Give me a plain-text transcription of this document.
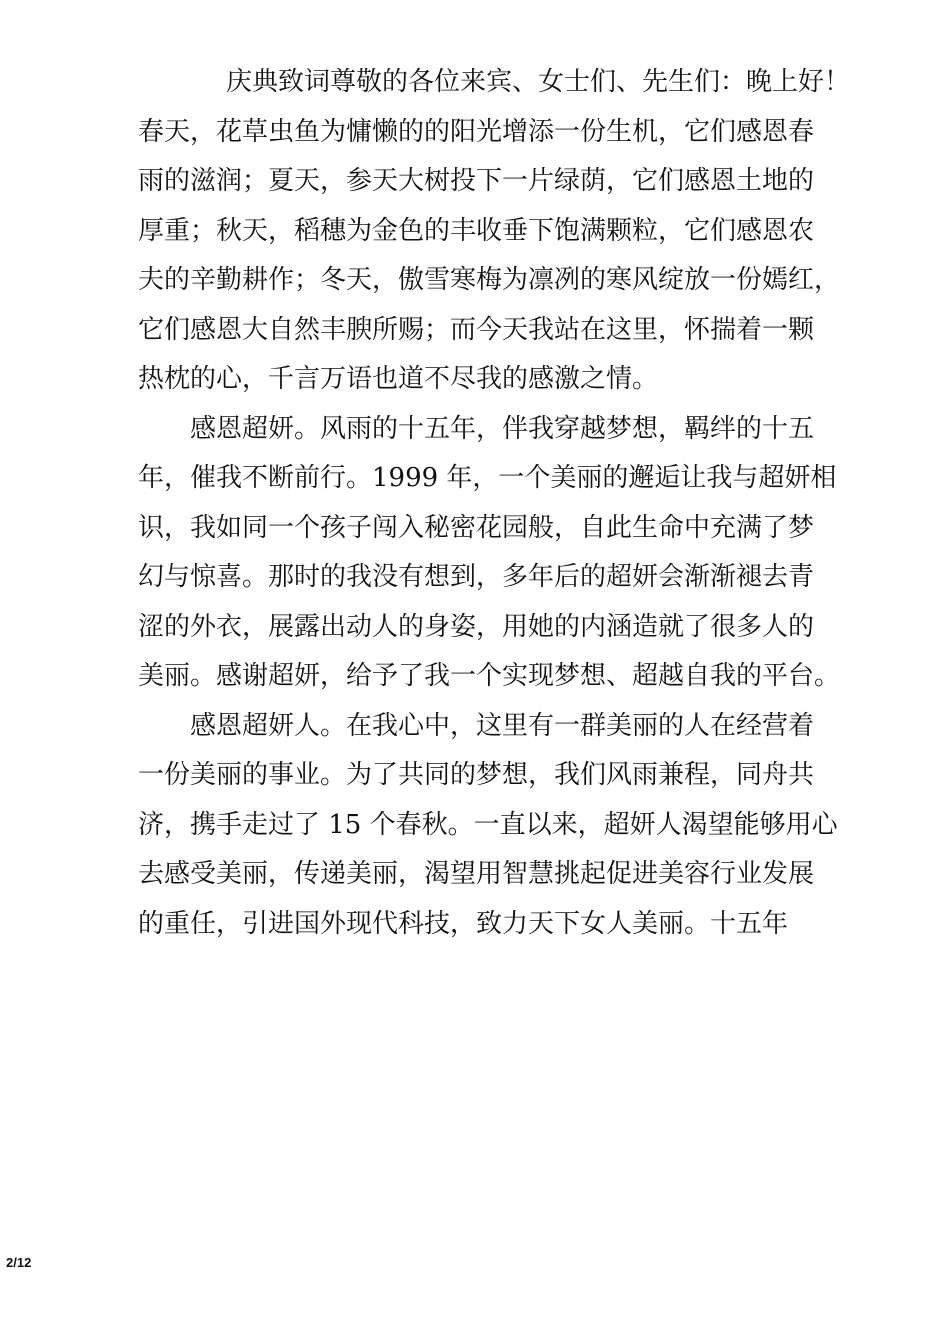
庆典致词尊敬的各位来宾、女士们、先生们：晚上好！
春天，花草虫鱼为慵懒的的阳光增添一份生机，它们感恩春
雨的滋润；夏天，参天大树投下一片绿荫，它们感恩土地的
厚重；秋天，稻穗为金色的丰收垂下饱满颗粒，它们感恩农
夫的辛勤耕作；冬天，傲雪寒梅为凛冽的寒风绽放一份嫣红，
它们感恩大自然丰腴所赐；而今天我站在这里，怀揣着一颗
热枕的心，千言万语也道不尽我的感激之情。
感恩超妍。风雨的十五年，伴我穿越梦想，羁绊的十五
年，催我不断前行。1999 年，一个美丽的邂逅让我与超妍相
识，我如同一个孩子闯入秘密花园般，自此生命中充满了梦
幻与惊喜。那时的我没有想到，多年后的超妍会渐渐褪去青
涩的外衣，展露出动人的身姿，用她的内涵造就了很多人的
美丽。感谢超妍，给予了我一个实现梦想、超越自我的平台。
感恩超妍人。在我心中，这里有一群美丽的人在经营着
一份美丽的事业。为了共同的梦想，我们风雨兼程，同舟共
济，携手走过了 15 个春秋。一直以来，超妍人渴望能够用心
去感受美丽，传递美丽，渴望用智慧挑起促进美容行业发展
的重任，引进国外现代科技，致力天下女人美丽。十五年
2/12
